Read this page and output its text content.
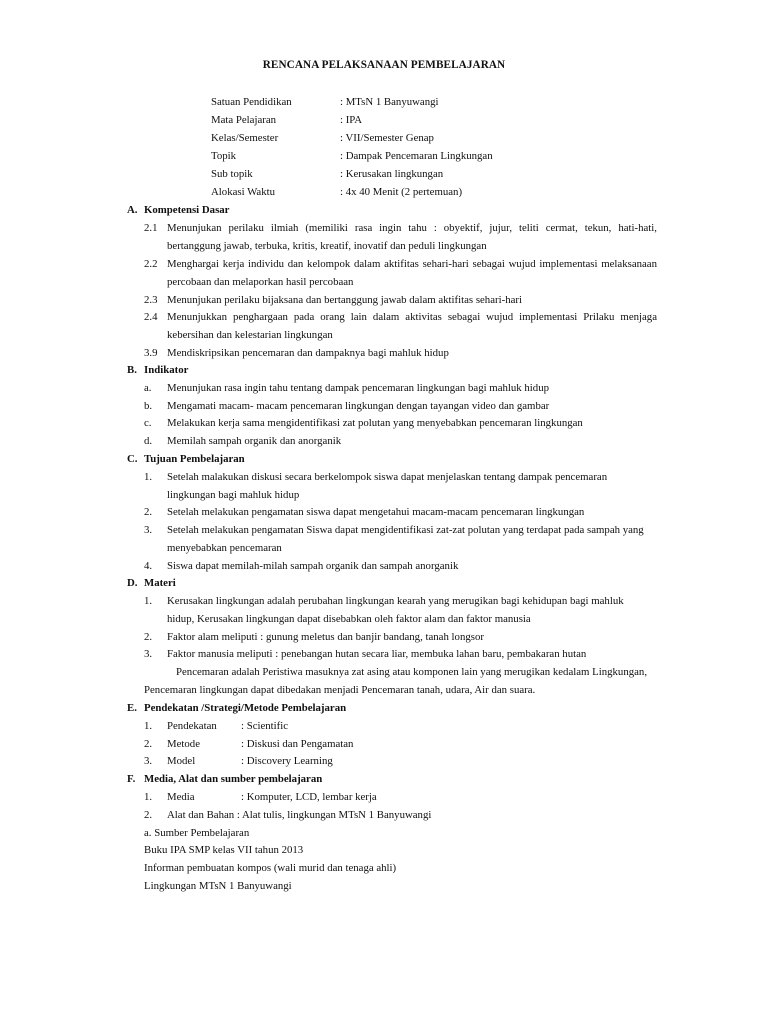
RENCANA PELAKSANAAN PEMBELAJARAN
Satuan Pendidikan	: MTsN 1 Banyuwangi
Mata Pelajaran	: IPA
Kelas/Semester	: VII/Semester Genap
Topik	: Dampak Pencemaran Lingkungan
Sub topik	: Kerusakan lingkungan
Alokasi Waktu	: 4x 40 Menit (2 pertemuan)
A. Kompetensi Dasar
2.1 Menunjukan perilaku ilmiah (memiliki rasa ingin tahu : obyektif, jujur, teliti cermat, tekun, hati-hati,
bertanggung jawab, terbuka, kritis, kreatif, inovatif dan peduli lingkungan
2.2 Menghargai kerja individu dan kelompok dalam aktifitas sehari-hari sebagai wujud implementasi melaksanaan
percobaan dan melaporkan hasil percobaan
2.3 Menunjukan perilaku bijaksana dan bertanggung jawab dalam aktifitas sehari-hari
2.4 Menunjukkan penghargaan pada orang lain dalam aktivitas sebagai wujud implementasi Prilaku menjaga
kebersihan dan kelestarian lingkungan
3.9 Mendiskripsikan pencemaran dan dampaknya bagi mahluk hidup
B. Indikator
a. Menunjukan rasa ingin tahu tentang dampak pencemaran lingkungan bagi mahluk hidup
b. Mengamati macam- macam pencemaran lingkungan dengan tayangan video dan gambar
c. Melakukan kerja sama mengidentifikasi zat polutan yang menyebabkan pencemaran lingkungan
d. Memilah sampah organik dan anorganik
C. Tujuan Pembelajaran
1. Setelah malakukan diskusi secara berkelompok siswa dapat menjelaskan tentang dampak pencemaran
lingkungan bagi mahluk hidup
2. Setelah melakukan pengamatan siswa dapat mengetahui macam-macam pencemaran lingkungan
3. Setelah melakukan pengamatan Siswa dapat mengidentifikasi zat-zat polutan yang terdapat pada sampah yang
menyebabkan pencemaran
4. Siswa dapat memilah-milah sampah organik dan sampah anorganik
D. Materi
1. Kerusakan lingkungan adalah perubahan lingkungan kearah yang merugikan bagi kehidupan bagi mahluk
hidup, Kerusakan lingkungan dapat disebabkan oleh faktor alam dan faktor manusia
2. Faktor alam meliputi : gunung meletus dan banjir bandang, tanah longsor
3. Faktor manusia meliputi : penebangan hutan secara liar, membuka lahan baru, pembakaran hutan
Pencemaran adalah Peristiwa masuknya zat asing atau komponen lain yang merugikan kedalam Lingkungan,
Pencemaran lingkungan dapat dibedakan menjadi Pencemaran tanah, udara, Air dan suara.
E. Pendekatan /Strategi/Metode Pembelajaran
1. Pendekatan : Scientific
2. Metode	: Diskusi dan Pengamatan
3. Model	: Discovery Learning
F. Media, Alat dan sumber pembelajaran
1. Media	: Komputer, LCD, lembar kerja
2. Alat dan Bahan : Alat tulis, lingkungan MTsN 1 Banyuwangi
a. Sumber Pembelajaran
Buku IPA SMP kelas VII tahun 2013
Informan pembuatan kompos (wali murid dan tenaga ahli)
Lingkungan MTsN 1 Banyuwangi
